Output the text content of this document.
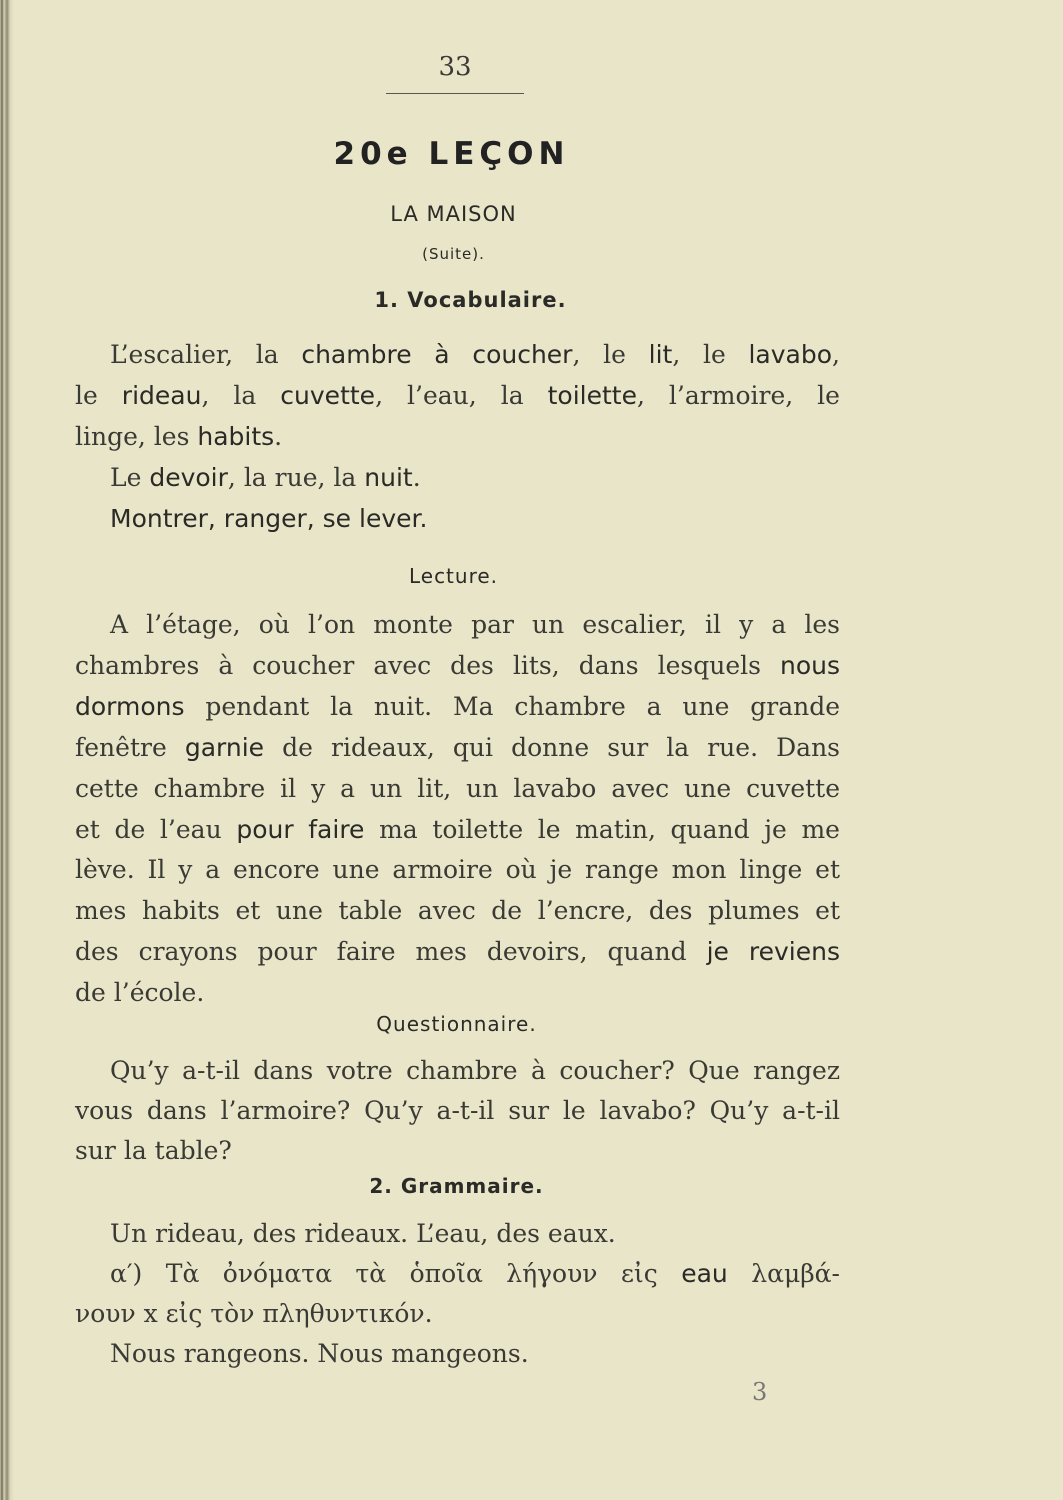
33
20e LEÇON
LA MAISON
(Suite).
1. Vocabulaire.
L’escalier, la chambre à coucher, le lit, le lavabo,
le rideau, la cuvette, l’eau, la toilette, l’armoire, le
linge, les habits.
Le devoir, la rue, la nuit.
Montrer, ranger, se lever.
Lecture.
A l’étage, où l’on monte par un escalier, il y a les
chambres à coucher avec des lits, dans lesquels nous
dormons pendant la nuit. Ma chambre a une grande
fenêtre garnie de rideaux, qui donne sur la rue. Dans
cette chambre il y a un lit, un lavabo avec une cuvette
et de l’eau pour faire ma toilette le matin, quand je me
lève. Il y a encore une armoire où je range mon linge et
mes habits et une table avec de l’encre, des plumes et
des crayons pour faire mes devoirs, quand je reviens
de l’école.
Questionnaire.
Qu’y a-t-il dans votre chambre à coucher? Que rangez
vous dans l’armoire? Qu’y a-t-il sur le lavabo? Qu’y a-t-il
sur la table?
2. Grammaire.
Un rideau, des rideaux. L’eau, des eaux.
α′) Τὰ ὀνόματα τὰ ὁποῖα λήγουν εἰς eau λαμβά-
νουν x εἰς τὸν πληθυντικόν.
Nous rangeons. Nous mangeons.
3
